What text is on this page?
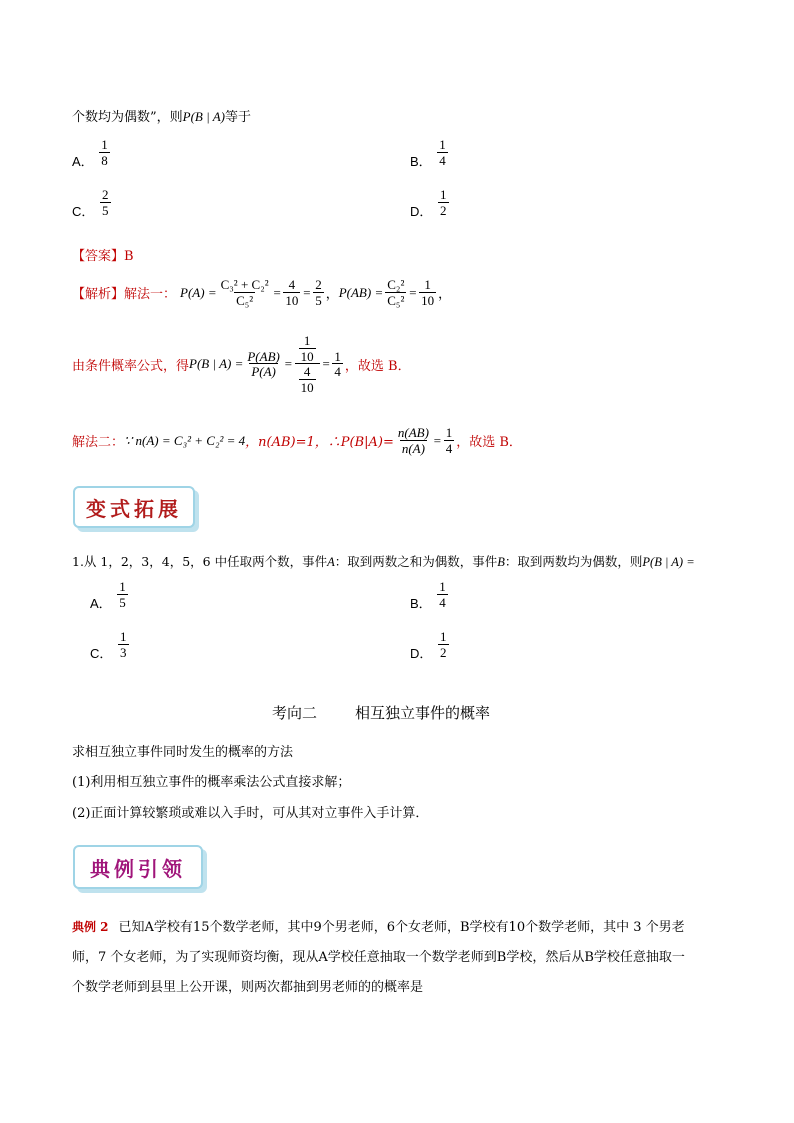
个数均为偶数”，则P(B | A)等于
A． $\frac{1}{8}$	B． $\frac{1}{4}$
C． $\frac{2}{5}$	D． $\frac{1}{2}$
【答案】B
【解析】 解法一： $P(A) = \frac{\text{C₃² + C₂²}}{\text{C₅²}} = \frac{4}{10} = \frac{2}{5}$ ， $P(AB) = \frac{\text{C₂²}}{\text{C₅²}} = \frac{1}{10}$ ，
由条件概率公式，得 P(B | $A) = \frac{P(AB)}{P(A)} = \frac{\frac{1}{10}}{\frac{4}{10}} = \frac{1}{4}$ ，故选 B．
解法二： ∵ n(A) = C₃² + C₂² = 4 ，n(AB)=1，∴P(B|A)= $\frac{n(AB)}{n(A)} = \frac{1}{4}$ ，故选 B．
变式拓展
1.从 1，2，3，4，5，6 中任取两个数，事件A：取到两数之和为偶数，事件B：取到两数均为偶数，则P(B | A) =
A． $\frac{1}{5}$	B． $\frac{1}{4}$
C． $\frac{1}{3}$	D． $\frac{1}{2}$
考向二	相互独立事件的概率
求相互独立事件同时发生的概率的方法
(1)利用相互独立事件的概率乘法公式直接求解；
(2)正面计算较繁琐或难以入手时，可从其对立事件入手计算．
典例引领
典例 2 已知A学校有15个数学老师，其中9个男老师，6个女老师，B学校有10个数学老师，其中 3 个男老
师，7 个女老师，为了实现师资均衡，现从A学校任意抽取一个数学老师到B学校，然后从B学校任意抽取一
个数学老师到县里上公开课，则两次都抽到男老师的的概率是
